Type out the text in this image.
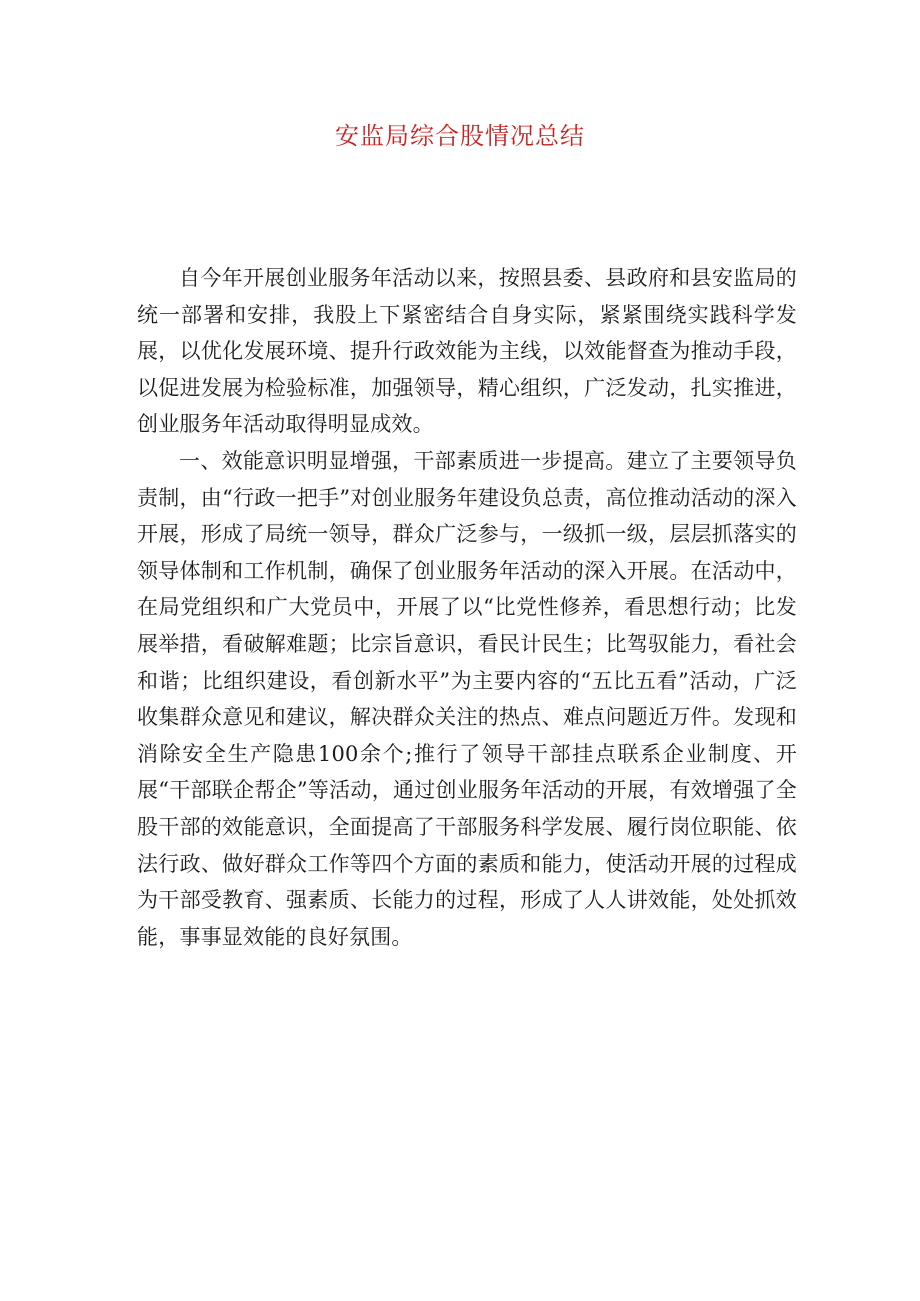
安监局综合股情况总结

自今年开展创业服务年活动以来，按照县委、县政府和县安监局的统一部署和安排，我股上下紧密结合自身实际，紧紧围绕实践科学发展，以优化发展环境、提升行政效能为主线，以效能督查为推动手段，以促进发展为检验标准，加强领导，精心组织，广泛发动，扎实推进，创业服务年活动取得明显成效。

一、效能意识明显增强，干部素质进一步提高。建立了主要领导负责制，由“行政一把手”对创业服务年建设负总责，高位推动活动的深入开展，形成了局统一领导，群众广泛参与，一级抓一级，层层抓落实的领导体制和工作机制，确保了创业服务年活动的深入开展。在活动中，在局党组织和广大党员中，开展了以“比党性修养，看思想行动；比发展举措，看破解难题；比宗旨意识，看民计民生；比驾驭能力，看社会和谐；比组织建设，看创新水平”为主要内容的“五比五看”活动，广泛收集群众意见和建议，解决群众关注的热点、难点问题近万件。发现和消除安全生产隐患100余个;推行了领导干部挂点联系企业制度、开展“干部联企帮企”等活动，通过创业服务年活动的开展，有效增强了全股干部的效能意识，全面提高了干部服务科学发展、履行岗位职能、依法行政、做好群众工作等四个方面的素质和能力，使活动开展的过程成为干部受教育、强素质、长能力的过程，形成了人人讲效能，处处抓效能，事事显效能的良好氛围。
